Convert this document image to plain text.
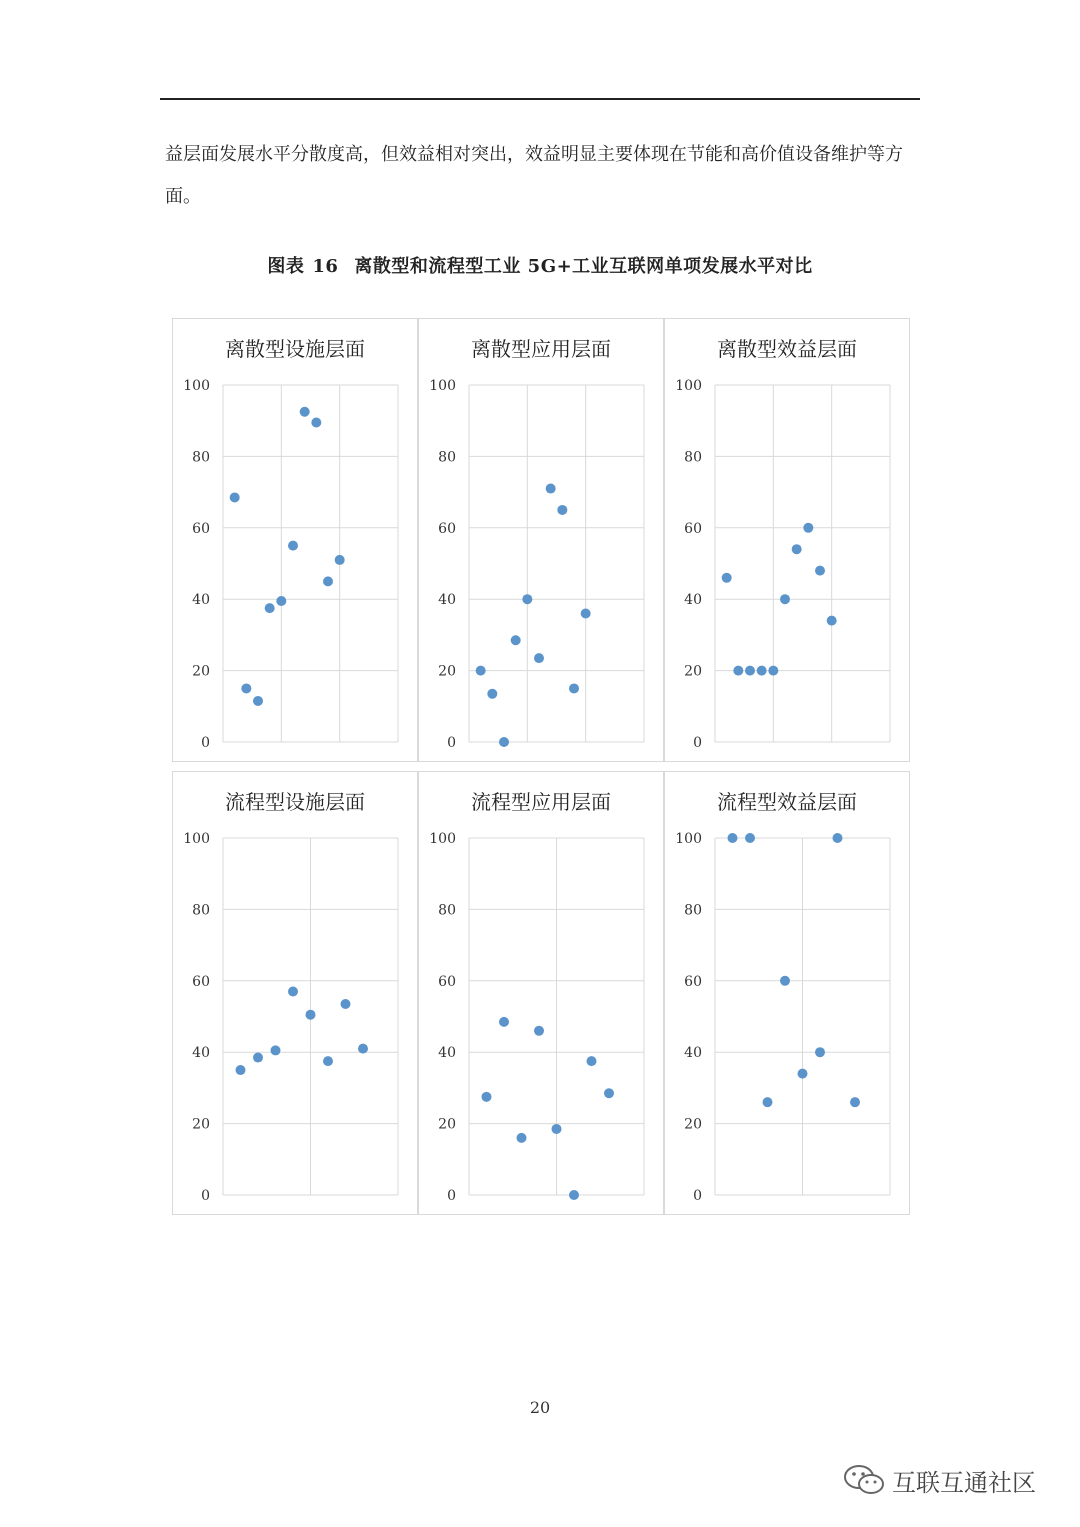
益层面发展水平分散度高，但效益相对突出，效益明显主要体现在节能和高价值设备维护等方面。
图表 16 离散型和流程型工业 5G+工业互联网单项发展水平对比
离散型设施层面
0
20
40
60
80
100
离散型应用层面
0
20
40
60
80
100
离散型效益层面
0
20
40
60
80
100
流程型设施层面
0
20
40
60
80
100
流程型应用层面
0
20
40
60
80
100
流程型效益层面
0
20
40
60
80
100
20
互联互通社区
